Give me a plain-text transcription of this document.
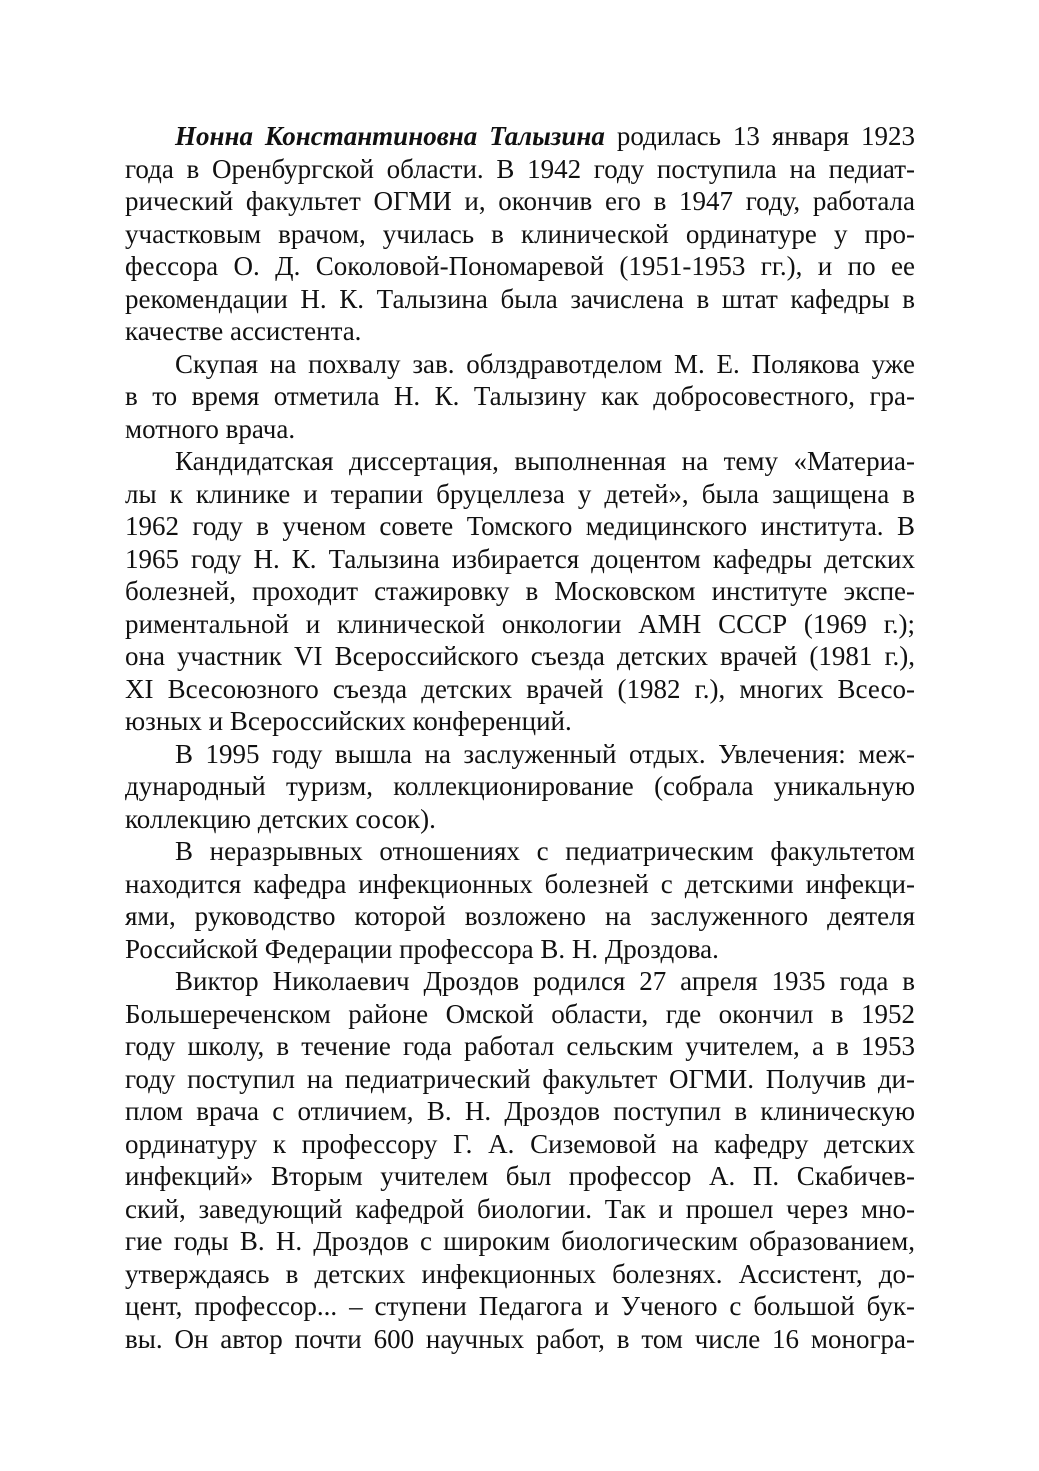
Нонна Константиновна Талызина родилась 13 января 1923
года в Оренбургской области. В 1942 году поступила на педиат-
рический факультет ОГМИ и, окончив его в 1947 году, работала
участковым врачом, училась в клинической ординатуре у про-
фессора О. Д. Соколовой-Пономаревой (1951-1953 гг.), и по ее
рекомендации Н. К. Талызина была зачислена в штат кафедры в
качестве ассистента.
Скупая на похвалу зав. облздравотделом М. Е. Полякова уже
в то время отметила Н. К. Талызину как добросовестного, гра-
мотного врача.
Кандидатская диссертация, выполненная на тему «Материа-
лы к клинике и терапии бруцеллеза у детей», была защищена в
1962 году в ученом совете Томского медицинского института. В
1965 году Н. К. Талызина избирается доцентом кафедры детских
болезней, проходит стажировку в Московском институте экспе-
риментальной и клинической онкологии АМН СССР (1969 г.);
она участник VI Всероссийского съезда детских врачей (1981 г.),
XI Всесоюзного съезда детских врачей (1982 г.), многих Всесо-
юзных и Всероссийских конференций.
В 1995 году вышла на заслуженный отдых. Увлечения: меж-
дународный туризм, коллекционирование (собрала уникальную
коллекцию детских сосок).
В неразрывных отношениях с педиатрическим факультетом
находится кафедра инфекционных болезней с детскими инфекци-
ями, руководство которой возложено на заслуженного деятеля
Российской Федерации профессора В. Н. Дроздова.
Виктор Николаевич Дроздов родился 27 апреля 1935 года в
Большереченском районе Омской области, где окончил в 1952
году школу, в течение года работал сельским учителем, а в 1953
году поступил на педиатрический факультет ОГМИ. Получив ди-
плом врача с отличием, В. Н. Дроздов поступил в клиническую
ординатуру к профессору Г. А. Сиземовой на кафедру детских
инфекций» Вторым учителем был профессор А. П. Скабичев-
ский, заведующий кафедрой биологии. Так и прошел через мно-
гие годы В. Н. Дроздов с широким биологическим образованием,
утверждаясь в детских инфекционных болезнях. Ассистент, до-
цент, профессор... – ступени Педагога и Ученого с большой бук-
вы. Он автор почти 600 научных работ, в том числе 16 моногра-
